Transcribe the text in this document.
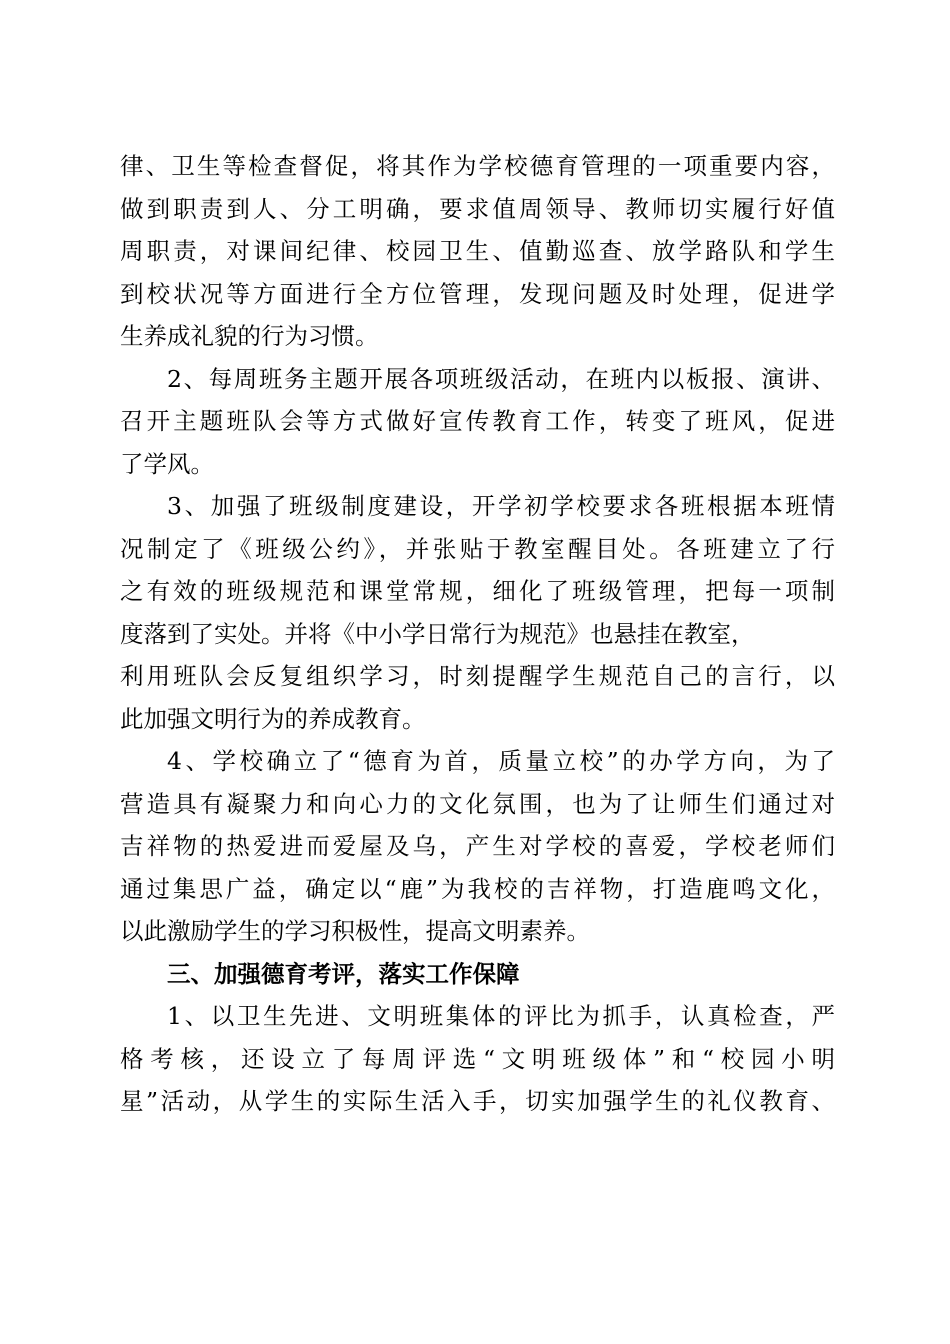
律、卫生等检查督促，将其作为学校德育管理的一项重要内容，
做到职责到人、分工明确，要求值周领导、教师切实履行好值
周职责，对课间纪律、校园卫生、值勤巡查、放学路队和学生
到校状况等方面进行全方位管理，发现问题及时处理，促进学
生养成礼貌的行为习惯。
2、每周班务主题开展各项班级活动，在班内以板报、演讲、
召开主题班队会等方式做好宣传教育工作，转变了班风，促进
了学风。
3、加强了班级制度建设，开学初学校要求各班根据本班情
况制定了《班级公约》，并张贴于教室醒目处。各班建立了行
之有效的班级规范和课堂常规，细化了班级管理，把每一项制
度落到了实处。并将《中小学日常行为规范》也悬挂在教室，
利用班队会反复组织学习，时刻提醒学生规范自己的言行，以
此加强文明行为的养成教育。
4、学校确立了“德育为首，质量立校”的办学方向，为了
营造具有凝聚力和向心力的文化氛围，也为了让师生们通过对
吉祥物的热爱进而爱屋及乌，产生对学校的喜爱，学校老师们
通过集思广益，确定以“鹿”为我校的吉祥物，打造鹿鸣文化，
以此激励学生的学习积极性，提高文明素养。
三、加强德育考评，落实工作保障
1、以卫生先进、文明班集体的评比为抓手，认真检查，严
格考核，还设立了每周评选“文明班级体”和“校园小明
星”活动，从学生的实际生活入手，切实加强学生的礼仪教育、
